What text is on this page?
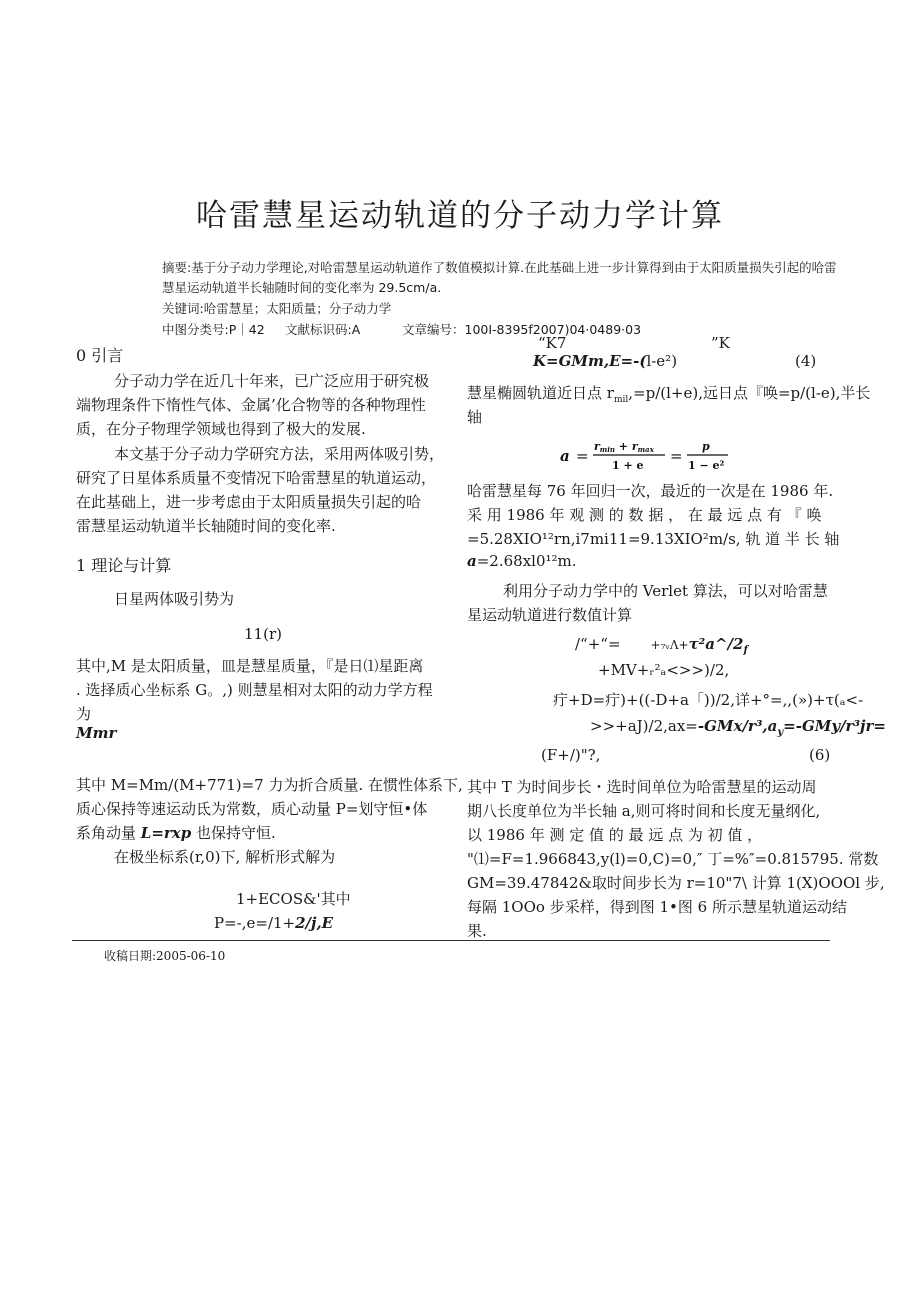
哈雷慧星运动轨道的分子动力学计算
摘要:基于分子动力学理论,对哈雷慧星运动轨道作了数值模拟计算.在此基础上进一步计算得到由于太阳质量损失引起的哈雷
慧星运动轨道半长轴随时间的变化率为 29.5cm/a.
关键词:哈雷慧星；太阳质量；分子动力学
中图分类号:P｜42 文献标识码:A	文章编号：100I-8395f2007)04·0489·03
0 引言
分子动力学在近几十年来，已广泛应用于研究极
端物理条件下惰性气体、金属’化合物等的各种物理性
质，在分子物理学领域也得到了极大的发展.
本文基于分子动力学研究方法，采用两体吸引势，
研究了日星体系质量不变情况下哈雷慧星的轨道运动，
在此基础上，进一步考虑由于太阳质量损失引起的哈
雷慧星运动轨道半长轴随时间的变化率.
1 理论与计算
日星两体吸引势为
11(r)
其中,M 是太阳质量，皿是慧星质量，『是日⑴星距离
. 选择质心坐标系 G。,) 则慧星相对太阳的动力学方程
为
Mmr
其中 M=Mm/(M+771)=7 力为折合质量. 在惯性体系下,
质心保持等速运动氐为常数，质心动量 P=划守恒•体
系角动量 L=rxp 也保持守恒.
在极坐标系(r,0)下, 解析形式解为
1+ECOS&'其中
P=-,e=/1+2/j,E
“K7	”K
K=GMm,E=-(l-e²)	(4)
慧星椭圆轨道近日点 $r_{mil},=p/(l+e)$,远日点『唤=p/(l-e),半长
轴
a =
rmin + rmax
1 + e
=
p
1 − e²
哈雷慧星每 76 年回归一次，最近的一次是在 1986 年.
采 用 1986 年 观 测 的 数 据 ， 在 最 远 点 有 『 唤
=5.28XIO¹²rn,i7mi11=9.13XIO²m/s, 轨 道 半 长 轴
a=2.68xl0¹²m.
利用分子动力学中的 Verlet 算法，可以对哈雷慧
星运动轨道进行数值计算
/“+“=	$+_7ᵥ\Lambda+\tau^2a\^{}/2_f$
+MV+ᵣ²ₐ<>>)/2,
疔+D=疔)+((-D+a「))/2,详+°=,,(»)+τ(ₐ<-
$>>+aJ)/2,ax=-GMx/r^3,a_y=-GMy/r^3jr=$
(F+/)"?,	(6)
其中 T 为时间步长・选时间单位为哈雷慧星的运动周
期八长度单位为半长轴 a,则可将时间和长度无量纲化,
以 1986 年 测 定 值 的 最 远 点 为 初 值 ，
"⑴=F=1.966843,y(l)=0,C)=0,″ 丁=%″=0.815795. 常数
GM=39.47842&取时间步长为 r=10"7\ 计算 1(X)OOOl 步,
每隔 1OOo 步采样，得到图 1•图 6 所示慧星轨道运动结
果.
收稿日期:2005-06-10
